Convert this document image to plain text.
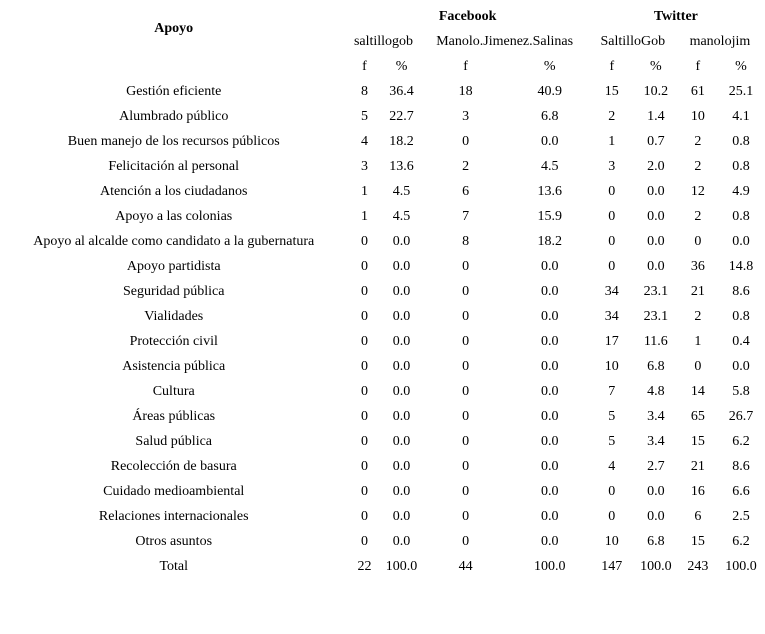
Apoyo	Facebook				Twitter			
	saltillogob		Manolo.Jimenez.Salinas		SaltilloGob		manolojim	
	f	%	f	%	f	%	f	%
Gestión eficiente	8	36.4	18	40.9	15	10.2	61	25.1
Alumbrado público	5	22.7	3	6.8	2	1.4	10	4.1
Buen manejo de los recursos públicos	4	18.2	0	0.0	1	0.7	2	0.8
Felicitación al personal	3	13.6	2	4.5	3	2.0	2	0.8
Atención a los ciudadanos	1	4.5	6	13.6	0	0.0	12	4.9
Apoyo a las colonias	1	4.5	7	15.9	0	0.0	2	0.8
Apoyo al alcalde como candidato a la gubernatura	0	0.0	8	18.2	0	0.0	0	0.0
Apoyo partidista	0	0.0	0	0.0	0	0.0	36	14.8
Seguridad pública	0	0.0	0	0.0	34	23.1	21	8.6
Vialidades	0	0.0	0	0.0	34	23.1	2	0.8
Protección civil	0	0.0	0	0.0	17	11.6	1	0.4
Asistencia pública	0	0.0	0	0.0	10	6.8	0	0.0
Cultura	0	0.0	0	0.0	7	4.8	14	5.8
Áreas públicas	0	0.0	0	0.0	5	3.4	65	26.7
Salud pública	0	0.0	0	0.0	5	3.4	15	6.2
Recolección de basura	0	0.0	0	0.0	4	2.7	21	8.6
Cuidado medioambiental	0	0.0	0	0.0	0	0.0	16	6.6
Relaciones internacionales	0	0.0	0	0.0	0	0.0	6	2.5
Otros asuntos	0	0.0	0	0.0	10	6.8	15	6.2
Total	22	100.0	44	100.0	147	100.0	243	100.0
